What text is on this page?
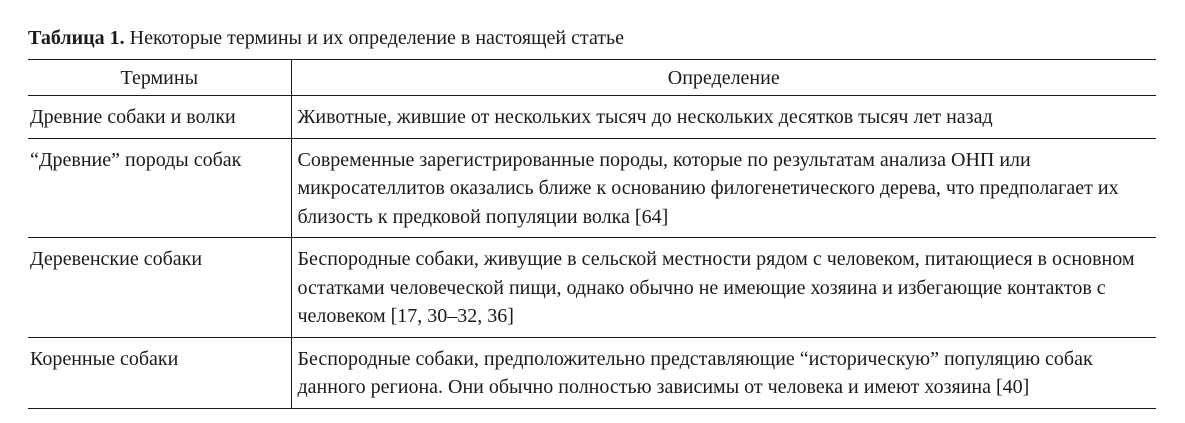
Таблица 1. Некоторые термины и их определение в настоящей статье
Термины	Определение
Древние собаки и волки	Животные, жившие от нескольких тысяч до нескольких десятков тысяч лет назад
“Древние” породы собак	Современные зарегистрированные породы, которые по результатам анализа ОНП или микросателлитов оказались ближе к основанию филогенетического дерева, что предполагает их близость к предковой популяции волка [64]
Деревенские собаки	Беспородные собаки, живущие в сельской местности рядом с человеком, питающиеся в основном остатками человеческой пищи, однако обычно не имеющие хозяина и избегающие контактов с человеком [17, 30–32, 36]
Коренные собаки	Беспородные собаки, предположительно представляющие “историческую” популяцию собак данного региона. Они обычно полностью зависимы от человека и имеют хозяина [40]
